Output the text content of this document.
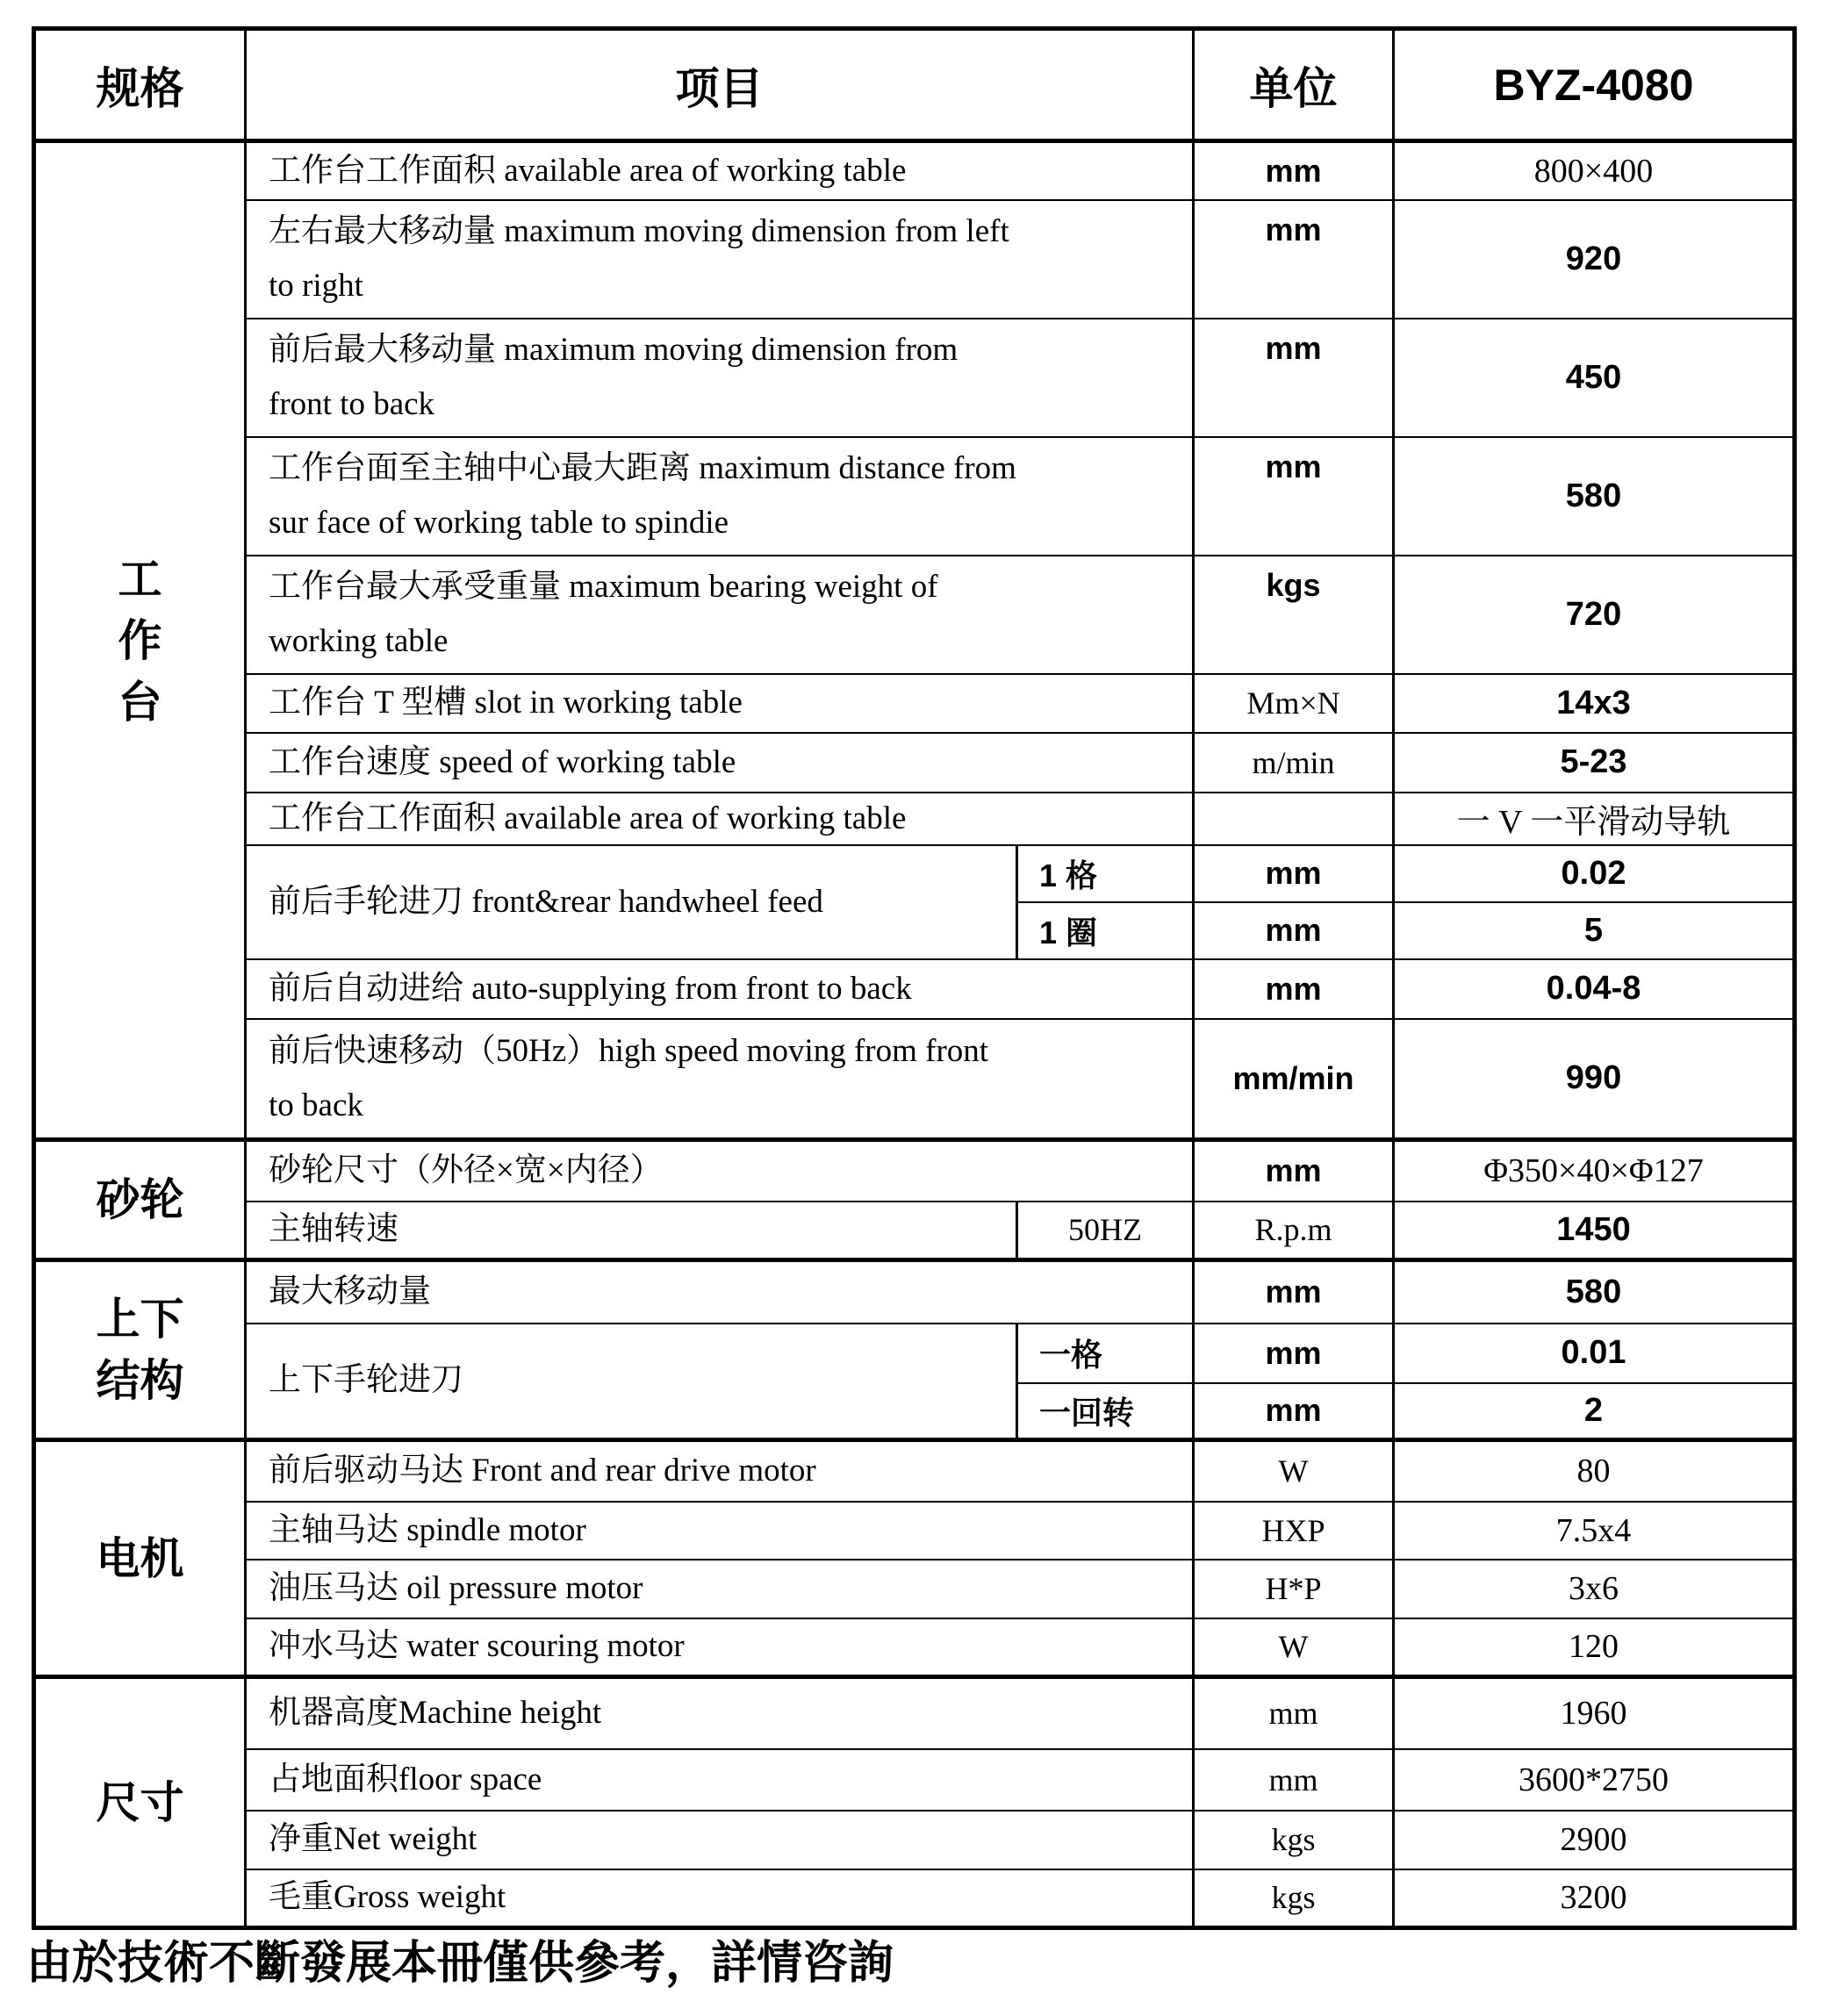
规格	项目		单位	BYZ-4080

工
作
台	工作台工作面积 available area of working table		mm	800×400

	左右最大移动量 maximum moving dimension from left
to right		mm	920

	前后最大移动量 maximum moving dimension from
front to back		mm	450

	工作台面至主轴中心最大距离 maximum distance from
sur face of working table to spindie		mm	580

	工作台最大承受重量 maximum bearing weight of
working table		kgs	720
	工作台 T 型槽 slot in working table		Mm×N	14x3
	工作台速度 speed of working table		m/min	5-23
	工作台工作面积 available area of working table			一 V 一平滑动导轨
	前后手轮进刀 front&rear handwheel feed	1 格	mm	0.02
		1 圈	mm	5
	前后自动进给 auto-supplying from front to back		mm	0.04-8

	前后快速移动（50Hz）high speed moving from front
to back		mm/min	990

砂轮	砂轮尺寸（外径×宽×内径）		mm	Φ350×40×Φ127
	主轴转速	50HZ	R.p.m	1450

上下
结构	最大移动量		mm	580
	上下手轮进刀	一格	mm	0.01
		一回转	mm	2

电机	前后驱动马达 Front and rear drive motor		W	80
	主轴马达 spindle motor		HXP	7.5x4
	油压马达 oil pressure motor		H*P	3x6
	冲水马达 water scouring motor		W	120

尺寸	机器高度Machine height		mm	1960
	占地面积floor space		mm	3600*2750
	净重Net weight		kgs	2900
	毛重Gross weight		kgs	3200
由於技術不斷發展本冊僅供參考，詳情咨詢
